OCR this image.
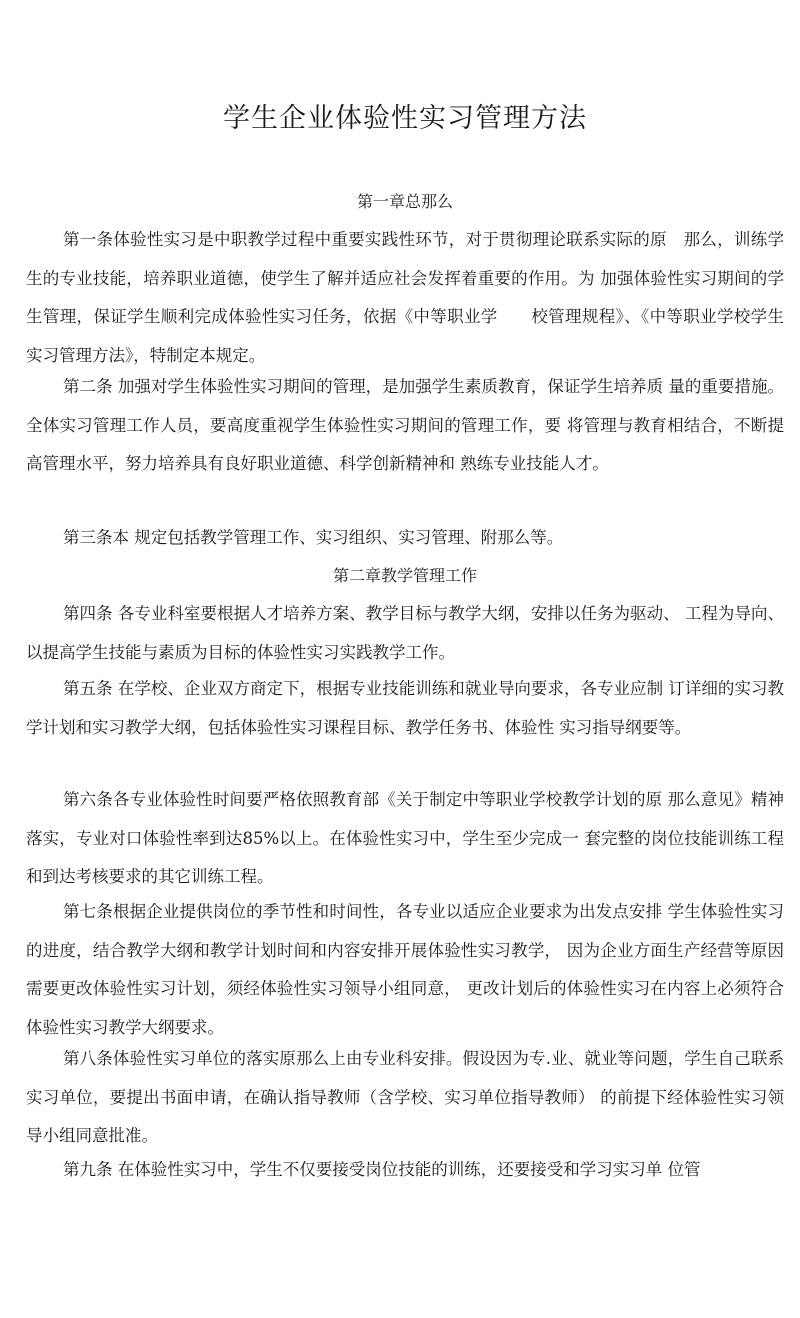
学生企业体验性实习管理方法
第一章总那么

第一条体验性实习是中职教学过程中重要实践性环节，对于贯彻理论联系实际的原　那么，训练学生的专业技能，培养职业道德，使学生了解并适应社会发挥着重要的作用。为 加强体验性实习期间的学生管理，保证学生顺利完成体验性实习任务，依据《中等职业学　　校管理规程》、《中等职业学校学生实习管理方法》，特制定本规定。

第二条 加强对学生体验性实习期间的管理，是加强学生素质教育，保证学生培养质 量的重要措施。全体实习管理工作人员，要高度重视学生体验性实习期间的管理工作，要 将管理与教育相结合，不断提高管理水平，努力培养具有良好职业道德、科学创新精神和 熟练专业技能人才。

第三条本 规定包括教学管理工作、实习组织、实习管理、附那么等。

第二章教学管理工作

第四条 各专业科室要根据人才培养方案、教学目标与教学大纲，安排以任务为驱动、 工程为导向、以提高学生技能与素质为目标的体验性实习实践教学工作。

第五条 在学校、企业双方商定下，根据专业技能训练和就业导向要求，各专业应制 订详细的实习教学计划和实习教学大纲，包括体验性实习课程目标、教学任务书、体验性 实习指导纲要等。

第六条各专业体验性时间要严格依照教育部《关于制定中等职业学校教学计划的原 那么意见》精神落实，专业对口体验性率到达85%以上。在体验性实习中，学生至少完成一 套完整的岗位技能训练工程和到达考核要求的其它训练工程。

第七条根据企业提供岗位的季节性和时间性，各专业以适应企业要求为出发点安排 学生体验性实习的进度，结合教学大纲和教学计划时间和内容安排开展体验性实习教学， 因为企业方面生产经营等原因需要更改体验性实习计划，须经体验性实习领导小组同意， 更改计划后的体验性实习在内容上必须符合体验性实习教学大纲要求。

第八条体验性实习单位的落实原那么上由专业科安排。假设因为专.业、就业等问题，学生自己联系实习单位，要提出书面申请，在确认指导教师（含学校、实习单位指导教师） 的前提下经体验性实习领导小组同意批准。

第九条 在体验性实习中，学生不仅要接受岗位技能的训练，还要接受和学习实习单 位管
